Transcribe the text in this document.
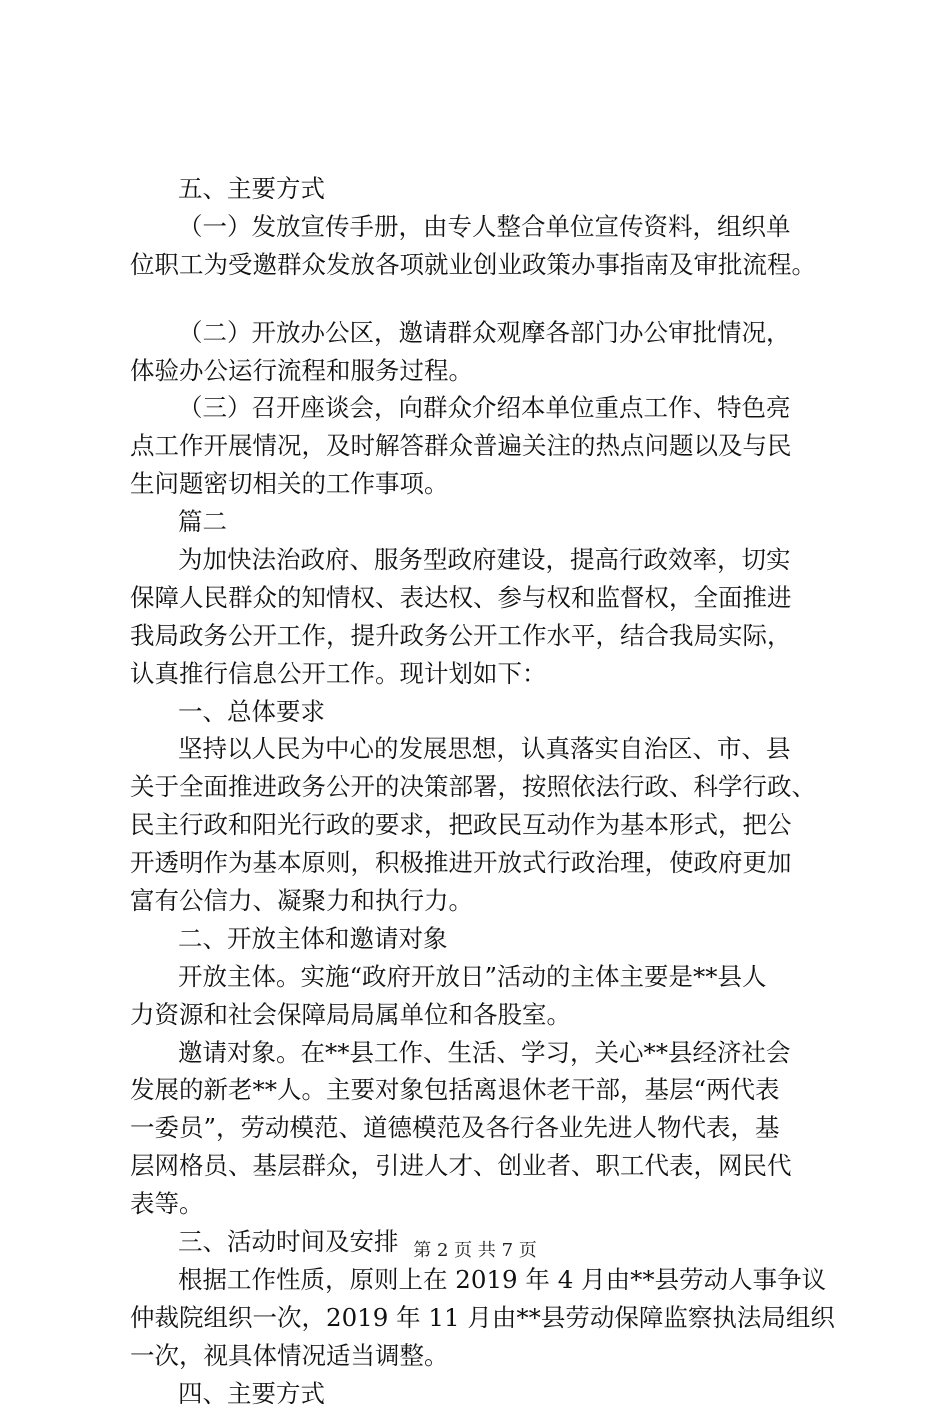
五、主要方式
（一）发放宣传手册，由专人整合单位宣传资料，组织单
位职工为受邀群众发放各项就业创业政策办事指南及审批流程。
（二）开放办公区，邀请群众观摩各部门办公审批情况，
体验办公运行流程和服务过程。
（三）召开座谈会，向群众介绍本单位重点工作、特色亮
点工作开展情况，及时解答群众普遍关注的热点问题以及与民
生问题密切相关的工作事项。
篇二
为加快法治政府、服务型政府建设，提高行政效率，切实
保障人民群众的知情权、表达权、参与权和监督权，全面推进
我局政务公开工作，提升政务公开工作水平，结合我局实际，
认真推行信息公开工作。现计划如下：
一、总体要求
坚持以人民为中心的发展思想，认真落实自治区、市、县
关于全面推进政务公开的决策部署，按照依法行政、科学行政、
民主行政和阳光行政的要求，把政民互动作为基本形式，把公
开透明作为基本原则，积极推进开放式行政治理，使政府更加
富有公信力、凝聚力和执行力。
二、开放主体和邀请对象
开放主体。实施“政府开放日”活动的主体主要是**县人
力资源和社会保障局局属单位和各股室。
邀请对象。在**县工作、生活、学习，关心**县经济社会
发展的新老**人。主要对象包括离退休老干部，基层“两代表
一委员”，劳动模范、道德模范及各行各业先进人物代表，基
层网格员、基层群众，引进人才、创业者、职工代表，网民代
表等。
三、活动时间及安排
根据工作性质，原则上在 2019 年 4 月由**县劳动人事争议
仲裁院组织一次，2019 年 11 月由**县劳动保障监察执法局组织
一次，视具体情况适当调整。
四、主要方式
第 2 页 共 7 页
